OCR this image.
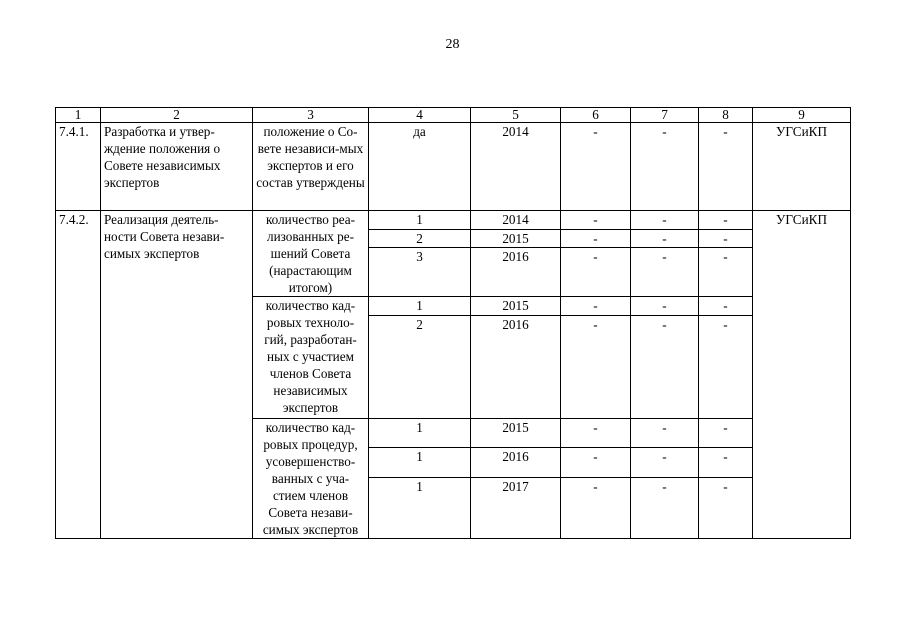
28
1	2	3	4	5	6	7	8	9
7.4.1.	Разработка и утвер-ждение положения о Совете независимых экспертов	положение о Со-вете независи-мых экспертов и его состав утверждены	да	2014	-	-	-	УГСиКП
7.4.2.	Реализация деятель-ности Совета незави-симых экспертов	количество реа-лизованных ре-шений Совета (нарастающим итогом)	1	2014	-	-	-	УГСиКП
			2	2015	-	-	-	
			3	2016	-	-	-	
		количество кад-ровых техноло-гий, разработан-ных с участием членов Совета независимых экспертов	1	2015	-	-	-	
			2	2016	-	-	-	
		количество кад-ровых процедур, усовершенство-ванных с уча-стием членов Совета незави-симых экспертов	1	2015	-	-	-	
			1	2016	-	-	-	
			1	2017	-	-	-	
